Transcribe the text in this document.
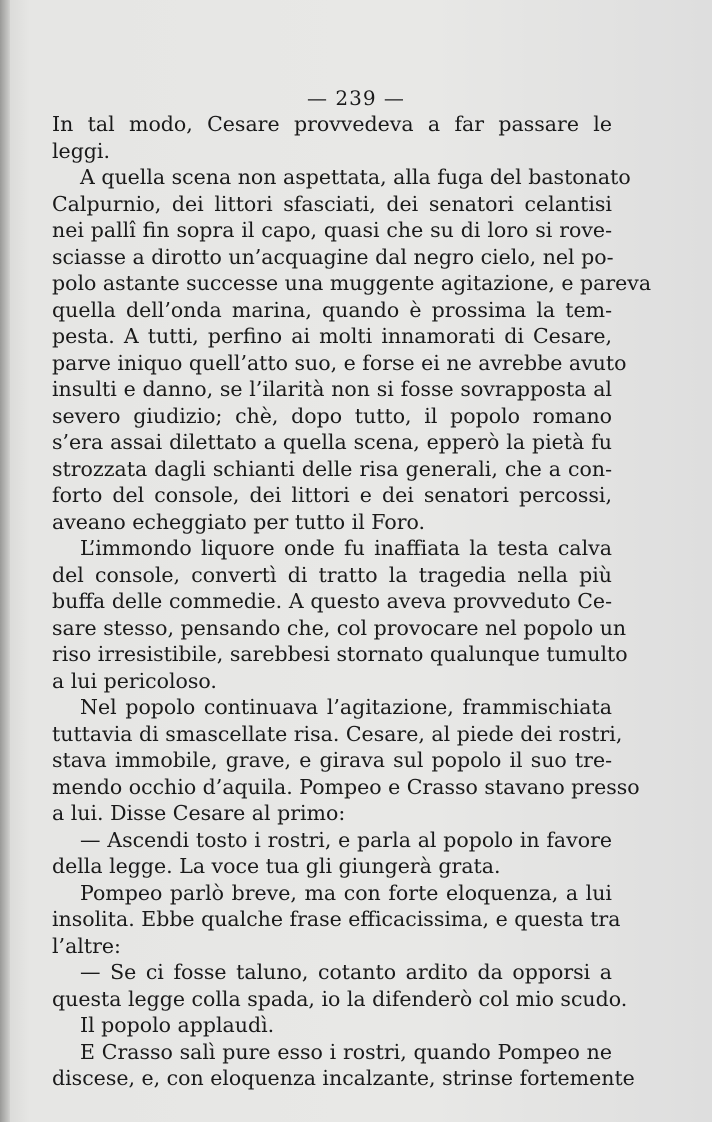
— 239 —
In tal modo, Cesare provvedeva a far passare le
leggi.
A quella scena non aspettata, alla fuga del bastonato
Calpurnio, dei littori sfasciati, dei senatori celantisi
nei pallî fin sopra il capo, quasi che su di loro si rove-
sciasse a dirotto un’acquagine dal negro cielo, nel po-
polo astante successe una muggente agitazione, e pareva
quella dell’onda marina, quando è prossima la tem-
pesta. A tutti, perfino ai molti innamorati di Cesare,
parve iniquo quell’atto suo, e forse ei ne avrebbe avuto
insulti e danno, se l’ilarità non si fosse sovrapposta al
severo giudizio; chè, dopo tutto, il popolo romano
s’era assai dilettato a quella scena, epperò la pietà fu
strozzata dagli schianti delle risa generali, che a con-
forto del console, dei littori e dei senatori percossi,
aveano echeggiato per tutto il Foro.
L’immondo liquore onde fu inaffiata la testa calva
del console, convertì di tratto la tragedia nella più
buffa delle commedie. A questo aveva provveduto Ce-
sare stesso, pensando che, col provocare nel popolo un
riso irresistibile, sarebbesi stornato qualunque tumulto
a lui pericoloso.
Nel popolo continuava l’agitazione, frammischiata
tuttavia di smascellate risa. Cesare, al piede dei rostri,
stava immobile, grave, e girava sul popolo il suo tre-
mendo occhio d’aquila. Pompeo e Crasso stavano presso
a lui. Disse Cesare al primo:
— Ascendi tosto i rostri, e parla al popolo in favore
della legge. La voce tua gli giungerà grata.
Pompeo parlò breve, ma con forte eloquenza, a lui
insolita. Ebbe qualche frase efficacissima, e questa tra
l’altre:
— Se ci fosse taluno, cotanto ardito da opporsi a
questa legge colla spada, io la difenderò col mio scudo.
Il popolo applaudì.
E Crasso salì pure esso i rostri, quando Pompeo ne
discese, e, con eloquenza incalzante, strinse fortemente
